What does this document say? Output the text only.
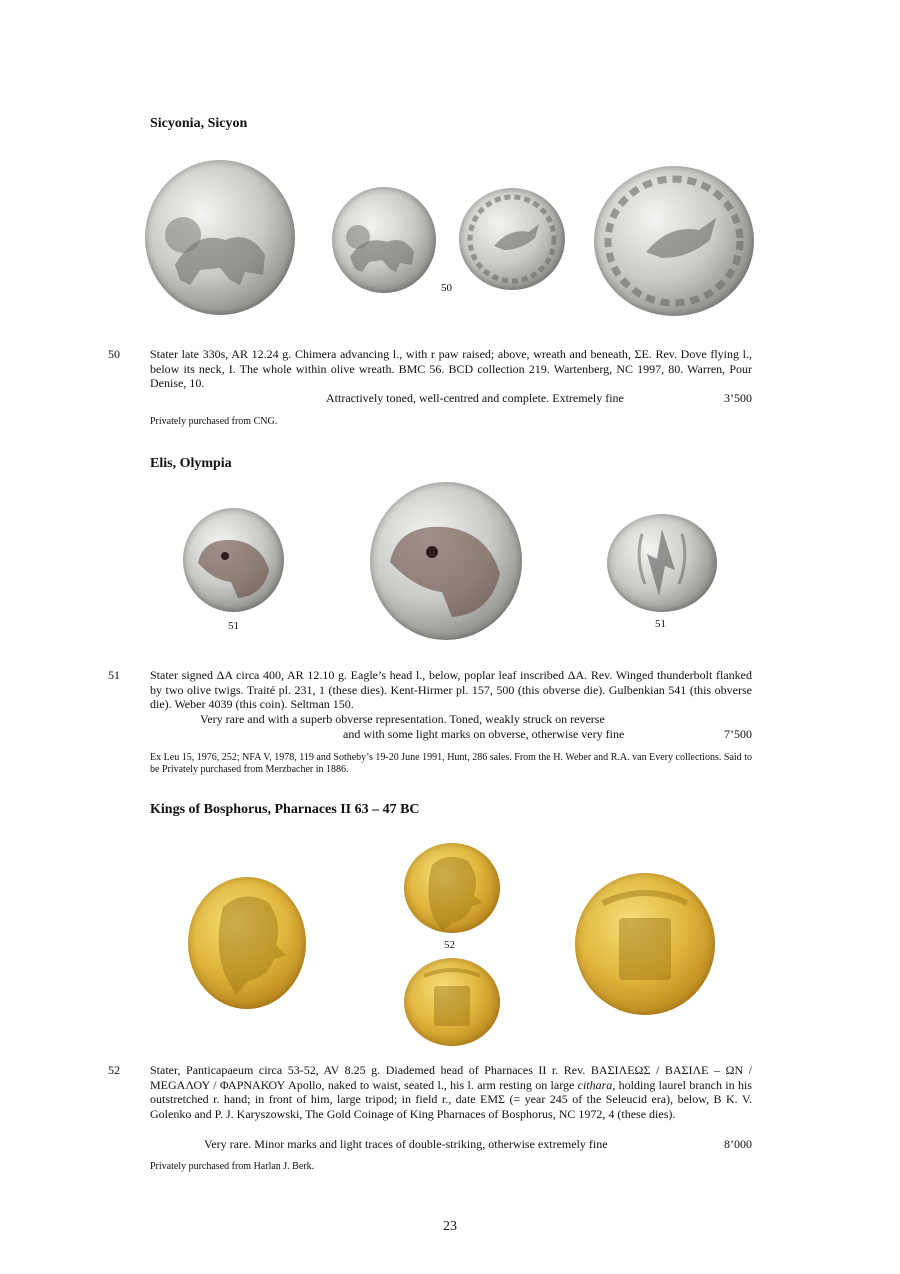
Sicyonia, Sicyon
50
50	Stater late 330s, AR 12.24 g. Chimera advancing l., with r paw raised; above, wreath and beneath, ΣE. Rev. Dove flying l., below its neck, I. The whole within olive wreath. BMC 56. BCD collection 219. Wartenberg, NC 1997, 80. Warren, Pour Denise, 10.
Attractively toned, well-centred and complete. Extremely fine	3’500
Privately purchased from CNG.
Elis, Olympia
51	51
51	Stater signed ΔA circa 400, AR 12.10 g. Eagle’s head l., below, poplar leaf inscribed ΔA. Rev. Winged thunderbolt flanked by two olive twigs. Traité pl. 231, 1 (these dies). Kent-Hirmer pl. 157, 500 (this obverse die). Gulbenkian 541 (this obverse die). Weber 4039 (this coin). Seltman 150.
Very rare and with a superb obverse representation. Toned, weakly struck on reverse
and with some light marks on obverse, otherwise very fine	7’500
Ex Leu 15, 1976, 252; NFA V, 1978, 119 and Sotheby’s 19-20 June 1991, Hunt, 286 sales. From the H. Weber and R.A. van Every collections. Said to be Privately purchased from Merzbacher in 1886.
Kings of Bosphorus, Pharnaces II 63 – 47 BC
52
52	Stater, Panticapaeum circa 53-52, AV 8.25 g. Diademed head of Pharnaces II r. Rev. ΒΑΣΙΛΕΩΣ / ΒΑΣΙΛΕ – ΩΝ / ΜEGAΛΟΥ / ΦΑΡΝΑΚΟΥ Apollo, naked to waist, seated l., his l. arm resting on large cithara, holding laurel branch in his outstretched r. hand; in front of him, large tripod; in field r., date ΕΜΣ (= year 245 of the Seleucid era), below, B K. V. Golenko and P. J. Karyszowski, The Gold Coinage of King Pharnaces of Bosphorus, NC 1972, 4 (these dies).
Very rare. Minor marks and light traces of double-striking, otherwise extremely fine	8’000
Privately purchased from Harlan J. Berk.
23
